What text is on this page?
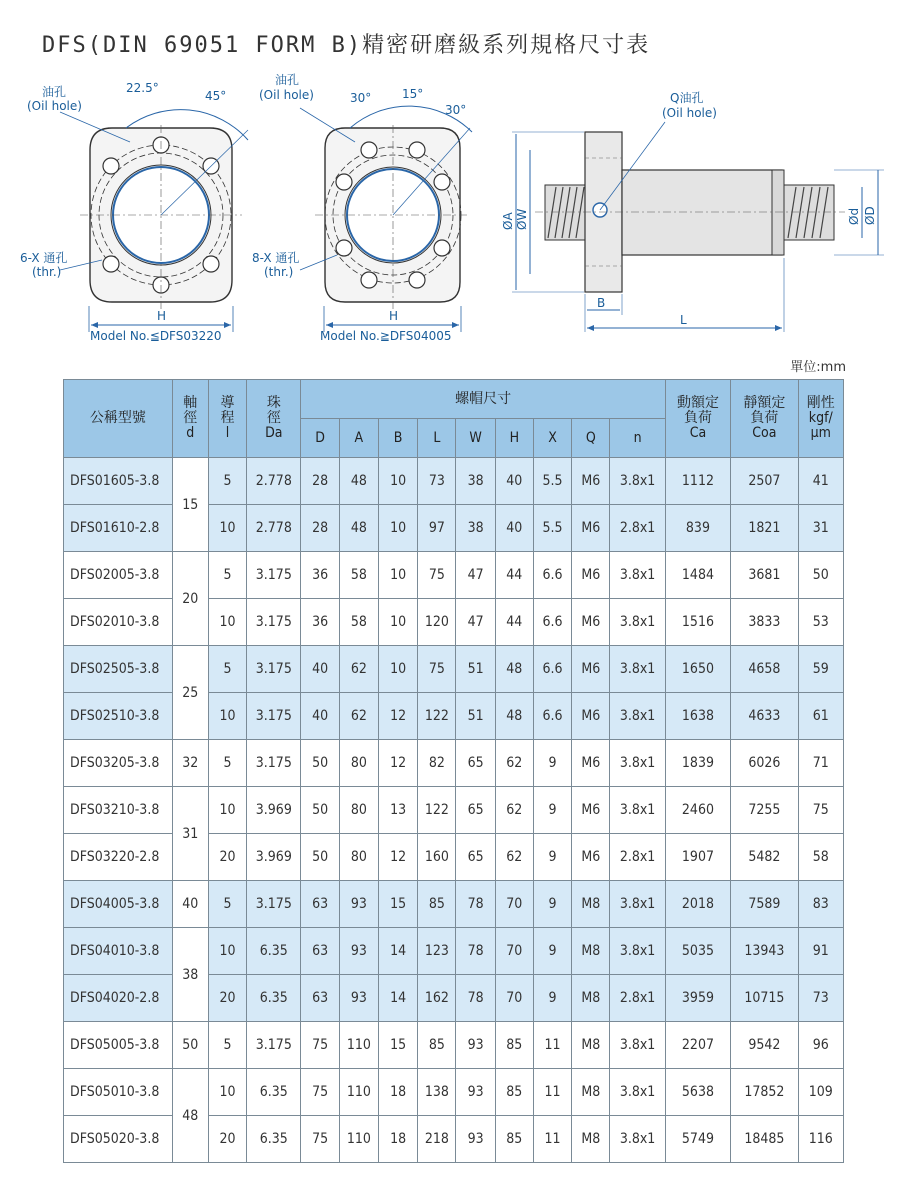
DFS(DIN 69051 FORM B)精密研磨級系列規格尺寸表
油孔
(Oil hole)
22.5°
45°
6-X 通孔
(thr.)
H
Model No.≦DFS03220
油孔
(Oil hole)	30°	15°
30°
8-X 通孔
(thr.)
H
Model No.≧DFS04005
Q油孔
(Oil hole)
ØA ØW	Ød ØD
B
L
單位:mm
公稱型號	軸
徑
d	導
程
l	珠
徑
Da	螺帽尺寸									動額定
負荷
Ca	靜額定
負荷
Coa	剛性
kgf/
μm

				D	A	B	L	W	H	X	Q	n			
DFS01605-3.8	15	5	2.778	28	48	10	73	38	40	5.5	M6	3.8x1	1112	2507	41
DFS01610-2.8		10	2.778	28	48	10	97	38	40	5.5	M6	2.8x1	839	1821	31
DFS02005-3.8	20	5	3.175	36	58	10	75	47	44	6.6	M6	3.8x1	1484	3681	50
DFS02010-3.8		10	3.175	36	58	10	120	47	44	6.6	M6	3.8x1	1516	3833	53
DFS02505-3.8	25	5	3.175	40	62	10	75	51	48	6.6	M6	3.8x1	1650	4658	59
DFS02510-3.8		10	3.175	40	62	12	122	51	48	6.6	M6	3.8x1	1638	4633	61
DFS03205-3.8	32	5	3.175	50	80	12	82	65	62	9	M6	3.8x1	1839	6026	71
DFS03210-3.8	31	10	3.969	50	80	13	122	65	62	9	M6	3.8x1	2460	7255	75
DFS03220-2.8		20	3.969	50	80	12	160	65	62	9	M6	2.8x1	1907	5482	58
DFS04005-3.8	40	5	3.175	63	93	15	85	78	70	9	M8	3.8x1	2018	7589	83
DFS04010-3.8	38	10	6.35	63	93	14	123	78	70	9	M8	3.8x1	5035	13943	91
DFS04020-2.8		20	6.35	63	93	14	162	78	70	9	M8	2.8x1	3959	10715	73
DFS05005-3.8	50	5	3.175	75	110	15	85	93	85	11	M8	3.8x1	2207	9542	96
DFS05010-3.8	48	10	6.35	75	110	18	138	93	85	11	M8	3.8x1	5638	17852	109
DFS05020-3.8		20	6.35	75	110	18	218	93	85	11	M8	3.8x1	5749	18485	116
